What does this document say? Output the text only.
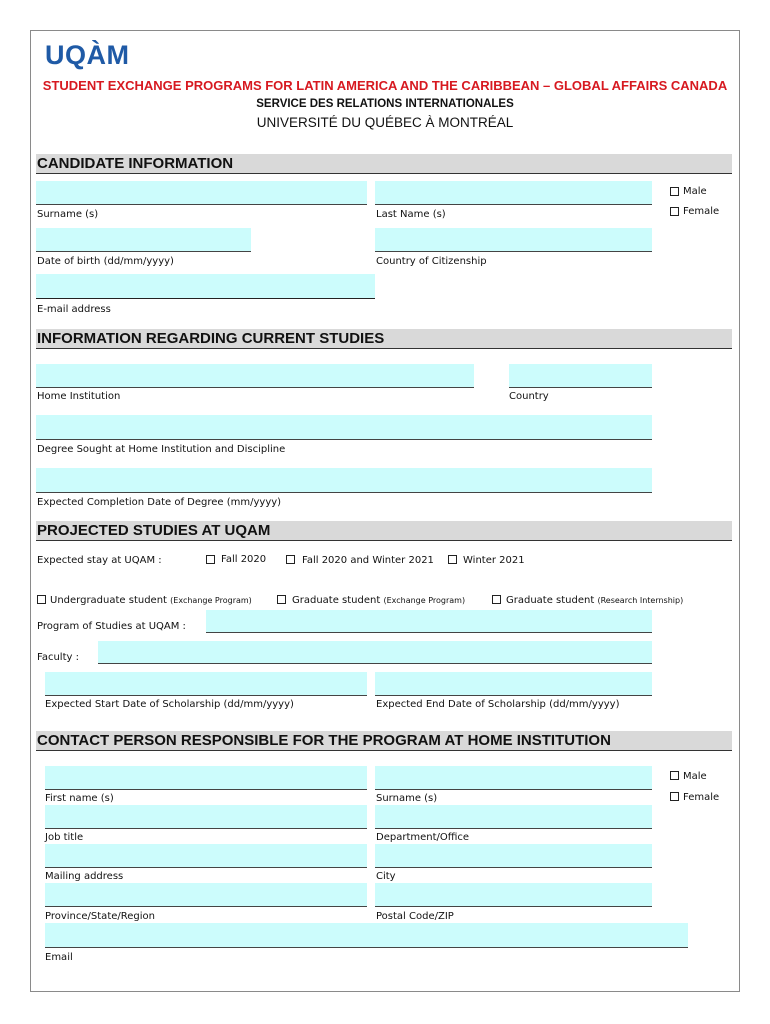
UQÀM
STUDENT EXCHANGE PROGRAMS FOR LATIN AMERICA AND THE CARIBBEAN – GLOBAL AFFAIRS CANADA
SERVICE DES RELATIONS INTERNATIONALES
UNIVERSITÉ DU QUÉBEC À MONTRÉAL
CANDIDATE INFORMATION
Surname (s)	Last Name (s)
Male
Female
Date of birth (dd/mm/yyyy)	Country of Citizenship
E-mail address
INFORMATION REGARDING CURRENT STUDIES
Home Institution	Country
Degree Sought at Home Institution and Discipline
Expected Completion Date of Degree (mm/yyyy)
PROJECTED STUDIES AT UQAM
Expected stay at UQAM :	Fall 2020	Fall 2020 and Winter 2021	Winter 2021
Undergraduate student (Exchange Program)	Graduate student (Exchange Program)	Graduate student (Research Internship)
Program of Studies at UQAM :
Faculty :
Expected Start Date of Scholarship (dd/mm/yyyy)	Expected End Date of Scholarship (dd/mm/yyyy)
CONTACT PERSON RESPONSIBLE FOR THE PROGRAM AT HOME INSTITUTION
First name (s)	Surname (s)
Male
Female
Job title	Department/Office
Mailing address	City
Province/State/Region	Postal Code/ZIP
Email
